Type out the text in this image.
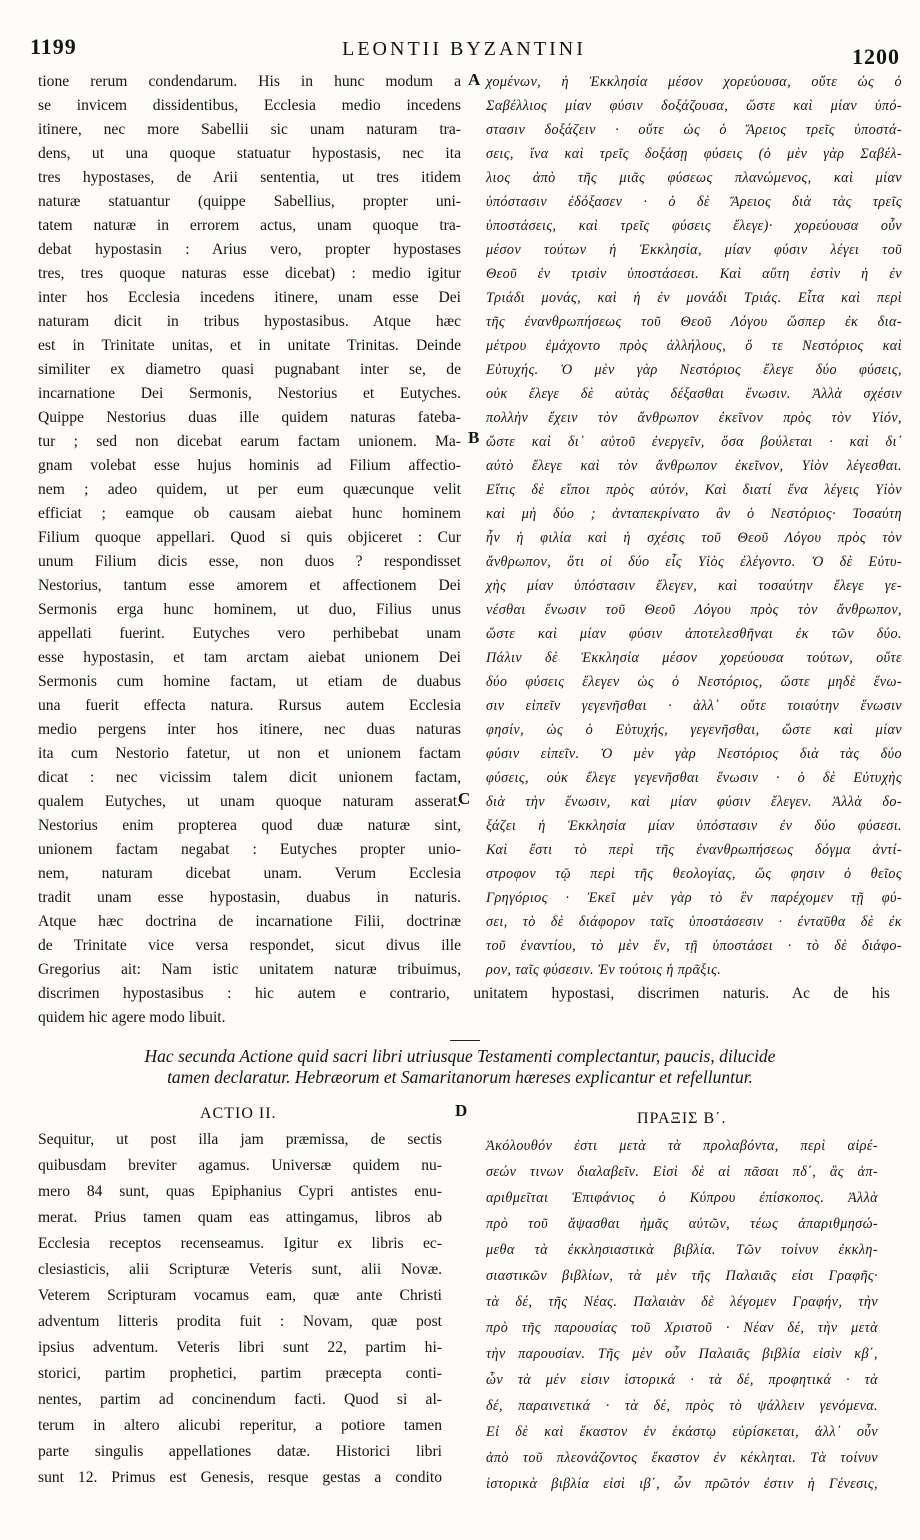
1199	LEONTII BYZANTINI	1200
tione rerum condendarum. His in hunc modum a
se invicem dissidentibus, Ecclesia medio incedens
itinere, nec more Sabellii sic unam naturam tra-
dens, ut una quoque statuatur hypostasis, nec ita
tres hypostases, de Arii sententia, ut tres itidem
naturæ statuantur (quippe Sabellius, propter uni-
tatem naturæ in errorem actus, unam quoque tra-
debat hypostasin : Arius vero, propter hypostases
tres, tres quoque naturas esse dicebat) : medio igitur
inter hos Ecclesia incedens itinere, unam esse Dei
naturam dicit in tribus hypostasibus. Atque hæc
est in Trinitate unitas, et in unitate Trinitas. Deinde
similiter ex diametro quasi pugnabant inter se, de
incarnatione Dei Sermonis, Nestorius et Eutyches.
Quippe Nestorius duas ille quidem naturas fateba-
tur ; sed non dicebat earum factam unionem. Ma-
gnam volebat esse hujus hominis ad Filium affectio-
nem ; adeo quidem, ut per eum quæcunque velit
efficiat ; eamque ob causam aiebat hunc hominem
Filium quoque appellari. Quod si quis objiceret : Cur
unum Filium dicis esse, non duos ? respondisset
Nestorius, tantum esse amorem et affectionem Dei
Sermonis erga hunc hominem, ut duo, Filius unus
appellati fuerint. Eutyches vero perhibebat unam
esse hypostasin, et tam arctam aiebat unionem Dei
Sermonis cum homine factam, ut etiam de duabus
una fuerit effecta natura. Rursus autem Ecclesia
medio pergens inter hos itinere, nec duas naturas
ita cum Nestorio fatetur, ut non et unionem factam
dicat : nec vicissim talem dicit unionem factam,
qualem Eutyches, ut unam quoque naturam asserat.
Nestorius enim propterea quod duæ naturæ sint,
unionem factam negabat : Eutyches propter unio-
nem, naturam dicebat unam. Verum Ecclesia
tradit unam esse hypostasin, duabus in naturis.
Atque hæc doctrina de incarnatione Filii, doctrinæ
de Trinitate vice versa respondet, sicut divus ille
Gregorius ait: Nam istic unitatem naturæ tribuimus,
χομένων, ἡ Ἐκκλησία μέσον χορεύουσα, οὔτε ὡς ὁ
Σαβέλλιος μίαν φύσιν δοξάζουσα, ὥστε καὶ μίαν ὑπό-
στασιν δοξάζειν · οὔτε ὡς ὁ Ἄρειος τρεῖς ὑποστά-
σεις, ἵνα καὶ τρεῖς δοξάσῃ φύσεις (ὁ μὲν γὰρ Σαβέλ-
λιος ἀπὸ τῆς μιᾶς φύσεως πλανώμενος, καὶ μίαν
ὑπόστασιν ἐδόξασεν · ὁ δὲ Ἄρειος διὰ τὰς τρεῖς
ὑποστάσεις, καὶ τρεῖς φύσεις ἔλεγε)· χορεύουσα οὖν
μέσον τούτων ἡ Ἐκκλησία, μίαν φύσιν λέγει τοῦ
Θεοῦ ἐν τρισὶν ὑποστάσεσι. Καὶ αὕτη ἐστὶν ἡ ἐν
Τριάδι μονάς, καὶ ἡ ἐν μονάδι Τριάς. Εἶτα καὶ περὶ
τῆς ἐνανθρωπήσεως τοῦ Θεοῦ Λόγου ὥσπερ ἐκ δια-
μέτρου ἐμάχοντο πρὸς ἀλλήλους, ὅ τε Νεστόριος καὶ
Εὐτυχής. Ὁ μὲν γὰρ Νεστόριος ἔλεγε δύο φύσεις,
οὐκ ἔλεγε δὲ αὐτὰς δέξασθαι ἕνωσιν. Ἀλλὰ σχέσιν
πολλὴν ἔχειν τὸν ἄνθρωπον ἐκεῖνον πρὸς τὸν Υἱόν,
ὥστε καὶ δι᾽ αὐτοῦ ἐνεργεῖν, ὅσα βούλεται · καὶ δι᾽
αὐτὸ ἔλεγε καὶ τὸν ἄνθρωπον ἐκεῖνον, Υἱὸν λέγεσθαι.
Εἴτις δὲ εἴποι πρὸς αὐτόν, Καὶ διατί ἕνα λέγεις Υἱὸν
καὶ μὴ δύο ; ἀνταπεκρίνατο ἂν ὁ Νεστόριος· Τοσαύτη
ἦν ἡ φιλία καὶ ἡ σχέσις τοῦ Θεοῦ Λόγου πρὸς τὸν
ἄνθρωπον, ὅτι οἱ δύο εἷς Υἱὸς ἐλέγοντο. Ὁ δὲ Εὐτυ-
χὴς μίαν ὑπόστασιν ἔλεγεν, καὶ τοσαύτην ἔλεγε γε-
νέσθαι ἕνωσιν τοῦ Θεοῦ Λόγου πρὸς τὸν ἄνθρωπον,
ὥστε καὶ μίαν φύσιν ἀποτελεσθῆναι ἐκ τῶν δύο.
Πάλιν δὲ Ἐκκλησία μέσον χορεύουσα τούτων, οὔτε
δύο φύσεις ἔλεγεν ὡς ὁ Νεστόριος, ὥστε μηδὲ ἕνω-
σιν εἰπεῖν γεγενῆσθαι · ἀλλ᾽ οὔτε τοιαύτην ἕνωσιν
φησίν, ὡς ὁ Εὐτυχής, γεγενῆσθαι, ὥστε καὶ μίαν
φύσιν εἰπεῖν. Ὁ μὲν γὰρ Νεστόριος διὰ τὰς δύο
φύσεις, οὐκ ἔλεγε γεγενῆσθαι ἕνωσιν · ὁ δὲ Εὐτυχὴς
διὰ τὴν ἕνωσιν, καὶ μίαν φύσιν ἔλεγεν. Ἀλλὰ δο-
ξάζει ἡ Ἐκκλησία μίαν ὑπόστασιν ἐν δύο φύσεσι.
Καὶ ἔστι τὸ περὶ τῆς ἐνανθρωπήσεως δόγμα ἀντί-
στροφον τῷ περὶ τῆς θεολογίας, ὥς φησιν ὁ θεῖος
Γρηγόριος · Ἐκεῖ μὲν γὰρ τὸ ἓν παρέχομεν τῇ φύ-
σει, τὸ δὲ διάφορον ταῖς ὑποστάσεσιν · ἐνταῦθα δὲ ἐκ
τοῦ ἐναντίου, τὸ μὲν ἕν, τῇ ὑποστάσει · τὸ δὲ διάφο-
ρον, ταῖς φύσεσιν. Ἐν τούτοις ἡ πρᾶξις.
A
B
C
D
discrimen hypostasibus : hic autem e contrario, unitatem hypostasi, discrimen naturis. Ac de his
quidem hic agere modo libuit.
Hac secunda Actione quid sacri libri utriusque Testamenti complectantur, paucis, dilucide
tamen declaratur. Hebræorum et Samaritanorum hæreses explicantur et refelluntur.
ACTIO II.	ΠΡΑΞΙΣ Β΄.
Sequitur, ut post illa jam præmissa, de sectis
quibusdam breviter agamus. Universæ quidem nu-
mero 84 sunt, quas Epiphanius Cypri antistes enu-
merat. Prius tamen quam eas attingamus, libros ab
Ecclesia receptos recenseamus. Igitur ex libris ec-
clesiasticis, alii Scripturæ Veteris sunt, alii Novæ.
Veterem Scripturam vocamus eam, quæ ante Christi
adventum litteris prodita fuit : Novam, quæ post
ipsius adventum. Veteris libri sunt 22, partim hi-
storici, partim prophetici, partim præcepta conti-
nentes, partim ad concinendum facti. Quod si al-
terum in altero alicubi reperitur, a potiore tamen
parte singulis appellationes datæ. Historici libri
sunt 12. Primus est Genesis, resque gestas a condito
Ἀκόλουθόν ἐστι μετὰ τὰ προλαβόντα, περὶ αἱρέ-
σεών τινων διαλαβεῖν. Εἰσὶ δὲ αἱ πᾶσαι πδ΄, ἃς ἀπ-
αριθμεῖται Ἐπιφάνιος ὁ Κύπρου ἐπίσκοπος. Ἀλλὰ
πρὸ τοῦ ἅψασθαι ἡμᾶς αὐτῶν, τέως ἀπαριθμησώ-
μεθα τὰ ἐκκλησιαστικὰ βιβλία. Τῶν τοίνυν ἐκκλη-
σιαστικῶν βιβλίων, τὰ μὲν τῆς Παλαιᾶς εἰσι Γραφῆς·
τὰ δέ, τῆς Νέας. Παλαιὰν δὲ λέγομεν Γραφήν, τὴν
πρὸ τῆς παρουσίας τοῦ Χριστοῦ · Νέαν δέ, τὴν μετὰ
τὴν παρουσίαν. Τῆς μὲν οὖν Παλαιᾶς βιβλία εἰσὶν κβ΄,
ὧν τὰ μέν εἰσιν ἱστορικά · τὰ δέ, προφητικά · τὰ
δέ, παραινετικά · τὰ δέ, πρὸς τὸ ψάλλειν γενόμενα.
Εἰ δὲ καὶ ἕκαστον ἐν ἑκάστῳ εὑρίσκεται, ἀλλ᾽ οὖν
ἀπὸ τοῦ πλεονάζοντος ἕκαστον ἐν κέκληται. Τὰ τοίνυν
ἱστορικὰ βιβλία εἰσὶ ιβ΄, ὧν πρῶτόν ἐστιν ἡ Γένεσις,
